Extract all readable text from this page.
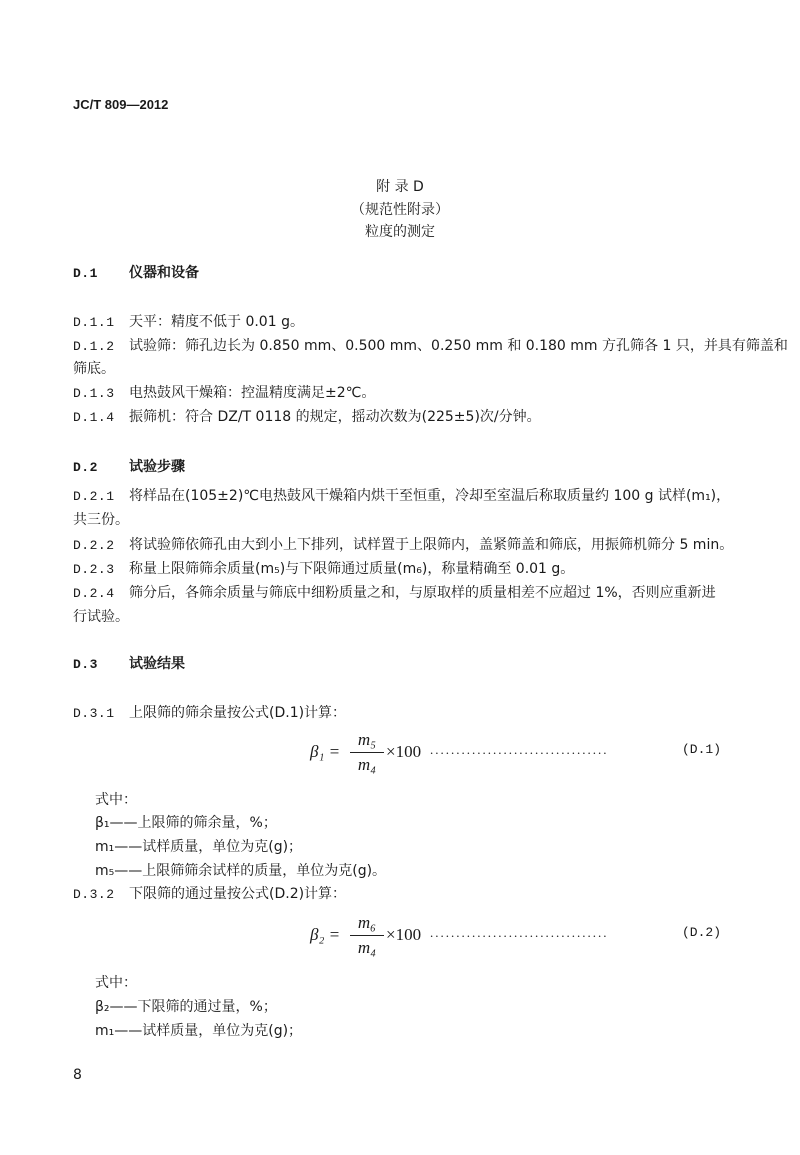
JC/T 809—2012
附 录 D
（规范性附录）
粒度的测定
D.1 仪器和设备
D.1.1 天平：精度不低于 0.01 g。
D.1.2 试验筛：筛孔边长为 0.850 mm、0.500 mm、0.250 mm 和 0.180 mm 方孔筛各 1 只，并具有筛盖和
筛底。
D.1.3 电热鼓风干燥箱：控温精度满足±2℃。
D.1.4 振筛机：符合 DZ/T 0118 的规定，摇动次数为(225±5)次/分钟。
D.2 试验步骤
D.2.1 将样品在(105±2)℃电热鼓风干燥箱内烘干至恒重，冷却至室温后称取质量约 100 g 试样(m₁)，
共三份。
D.2.2 将试验筛依筛孔由大到小上下排列，试样置于上限筛内，盖紧筛盖和筛底，用振筛机筛分 5 min。
D.2.3 称量上限筛筛余质量(m₅)与下限筛通过质量(m₆)，称量精确至 0.01 g。
D.2.4 筛分后，各筛余质量与筛底中细粉质量之和，与原取样的质量相差不应超过 1%，否则应重新进
行试验。
D.3 试验结果
D.3.1 上限筛的筛余量按公式(D.1)计算：
β₁ =
m₅
m₄
×100 ..................................	(D.1)
式中：
β₁——上限筛的筛余量，%；
m₁——试样质量，单位为克(g)；
m₅——上限筛筛余试样的质量，单位为克(g)。
D.3.2 下限筛的通过量按公式(D.2)计算：
β₂ =
m₆
m₄
×100 ..................................	(D.2)
式中：
β₂——下限筛的通过量，%；
m₁——试样质量，单位为克(g)；
8
